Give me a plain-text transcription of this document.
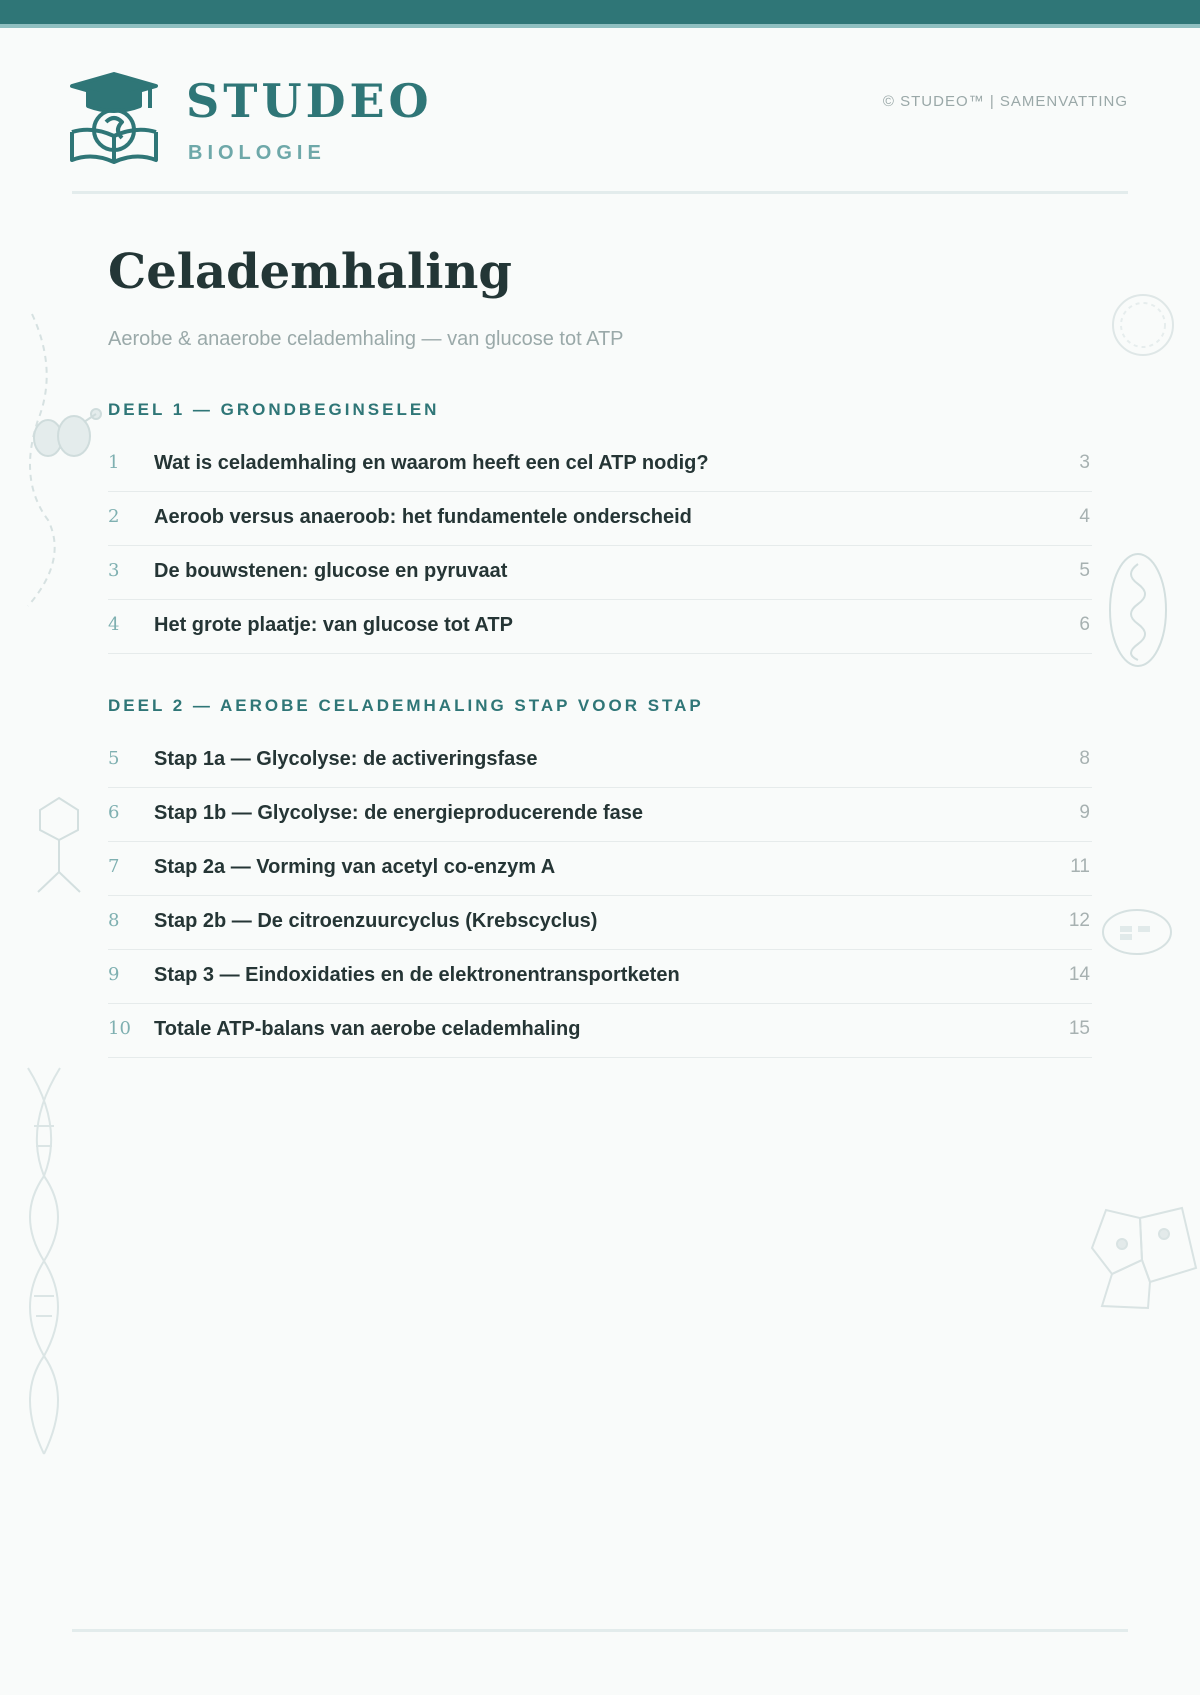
STUDEO
BIOLOGIE
© STUDEO™ | SAMENVATTING
Celademhaling
Aerobe & anaerobe celademhaling — van glucose tot ATP
DEEL 1 — GRONDBEGINSELEN
1 Wat is celademhaling en waarom heeft een cel ATP nodig?	3
2 Aeroob versus anaeroob: het fundamentele onderscheid	4
3 De bouwstenen: glucose en pyruvaat	5
4 Het grote plaatje: van glucose tot ATP	6
DEEL 2 — AEROBE CELADEMHALING STAP VOOR STAP
5 Stap 1a — Glycolyse: de activeringsfase	8
6 Stap 1b — Glycolyse: de energieproducerende fase	9
7 Stap 2a — Vorming van acetyl co-enzym A	11
8 Stap 2b — De citroenzuurcyclus (Krebscyclus)	12
9 Stap 3 — Eindoxidaties en de elektronentransportketen	14
10 Totale ATP-balans van aerobe celademhaling	15
